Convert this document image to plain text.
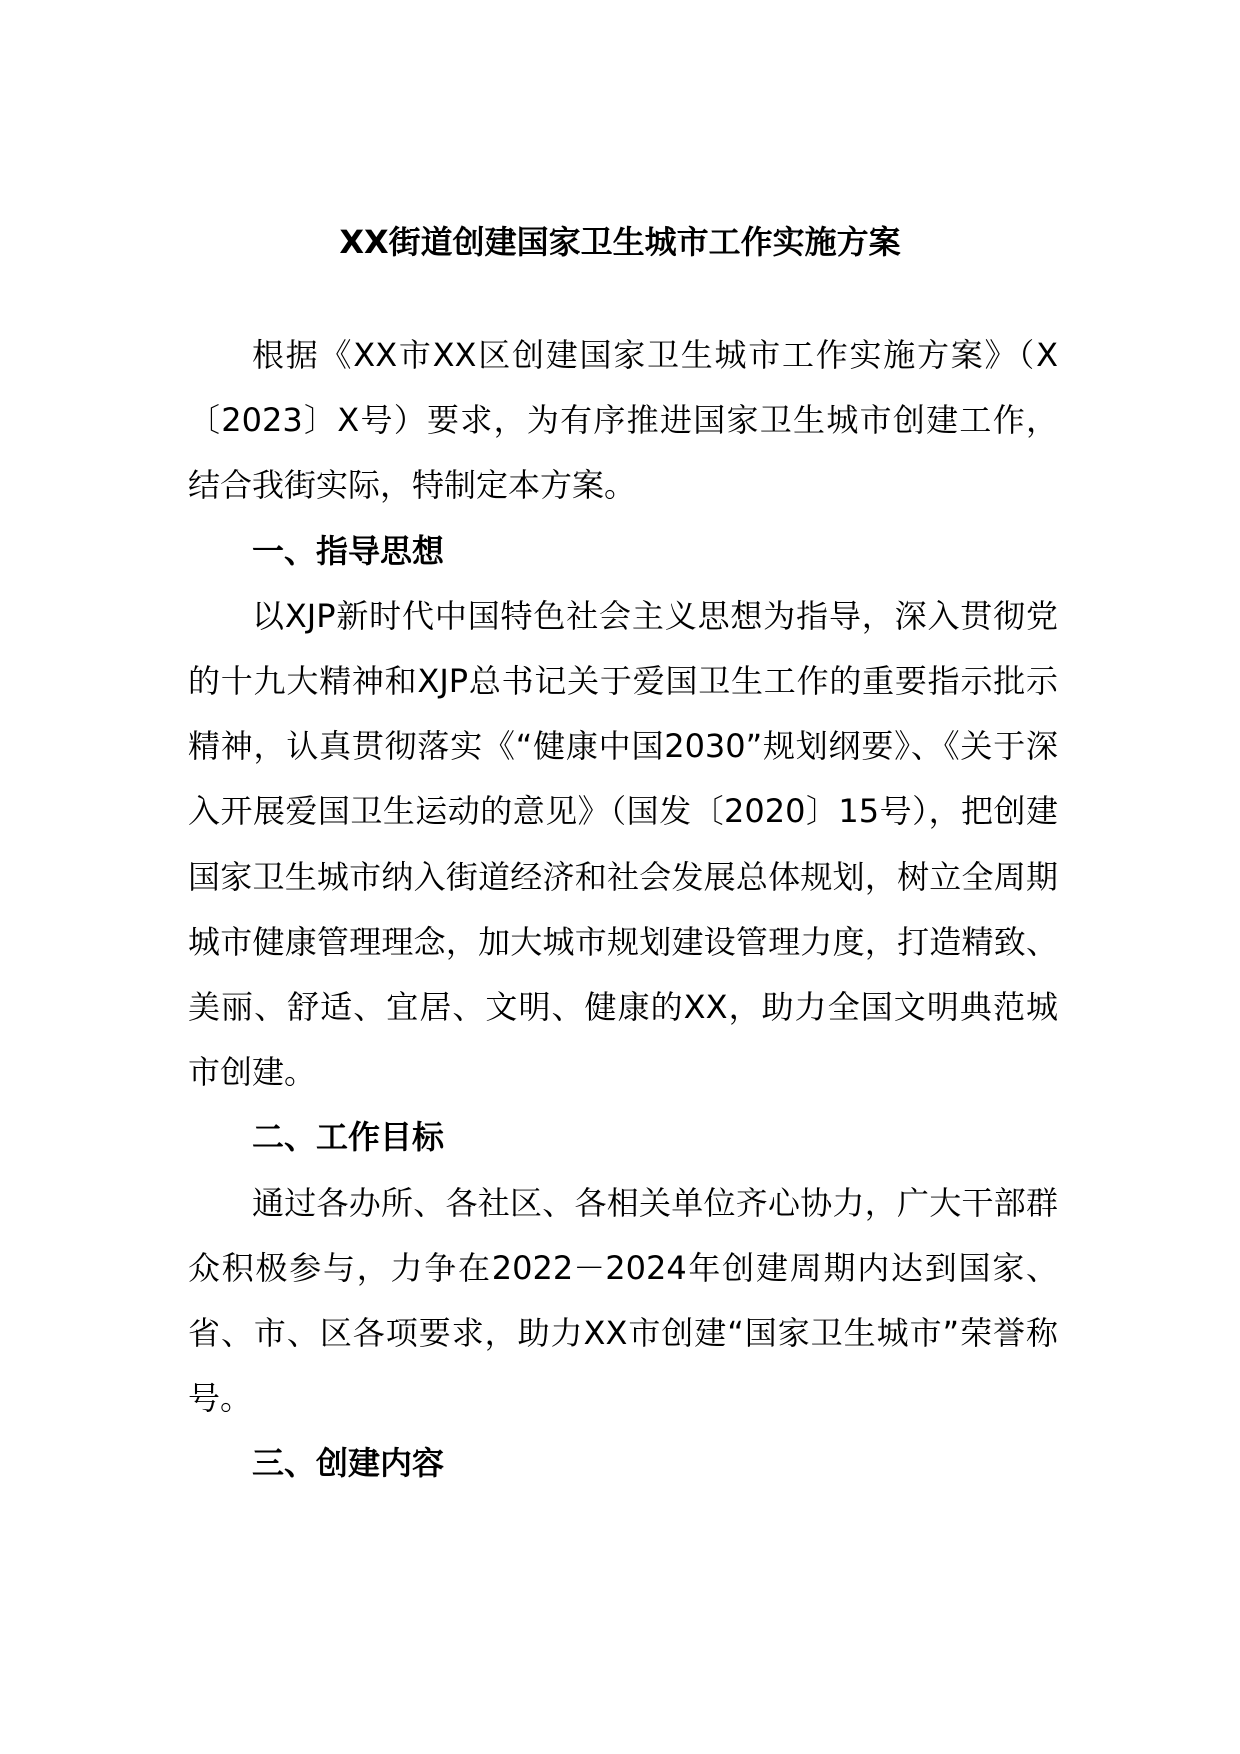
XX街道创建国家卫生城市工作实施方案

根据《XX市XX区创建国家卫生城市工作实施方案》（X〔2023〕X号）要求，为有序推进国家卫生城市创建工作，结合我街实际，特制定本方案。

一、指导思想

以XJP新时代中国特色社会主义思想为指导，深入贯彻党的十九大精神和XJP总书记关于爱国卫生工作的重要指示批示精神，认真贯彻落实《“健康中国2030”规划纲要》、《关于深入开展爱国卫生运动的意见》（国发〔2020〕15号），把创建国家卫生城市纳入街道经济和社会发展总体规划，树立全周期城市健康管理理念，加大城市规划建设管理力度，打造精致、美丽、舒适、宜居、文明、健康的XX，助力全国文明典范城市创建。

二、工作目标

通过各办所、各社区、各相关单位齐心协力，广大干部群众积极参与，力争在2022－2024年创建周期内达到国家、省、市、区各项要求，助力XX市创建“国家卫生城市”荣誉称号。

三、创建内容
